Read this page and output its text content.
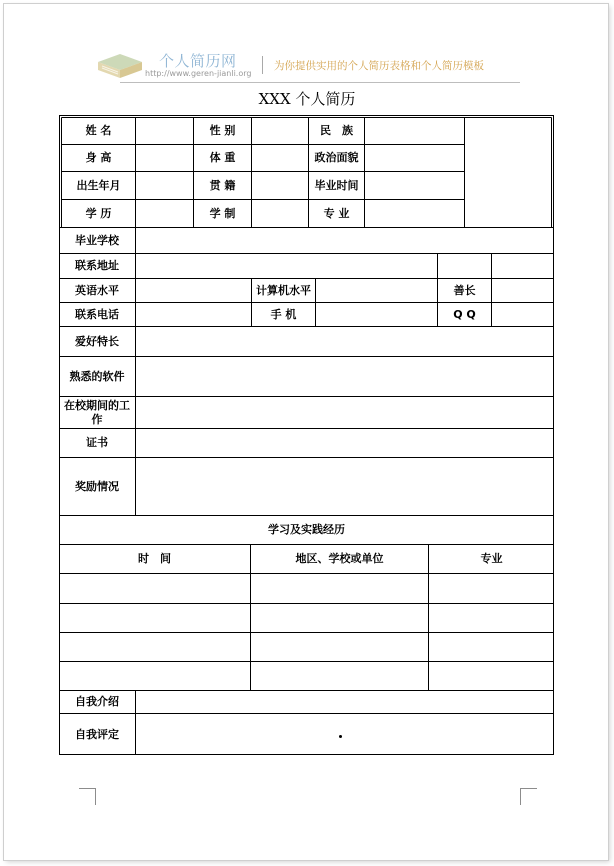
个人简历网
http://www.geren-jianli.org
为你提供实用的个人简历表格和个人简历模板
XXX 个人简历
姓 名	性 别	民　族
身 高	体 重	政治面貌
出生年月	贯 籍	毕业时间
学 历	学 制	专 业
毕业学校
联系地址
英语水平	计算机水平	善长
联系电话	手 机	Q Q
爱好特长
熟悉的软件
在校期间的工作
证书
奖励情况
学习及实践经历
时　间	地区、学校或单位	专业
自我介绍
自我评定
